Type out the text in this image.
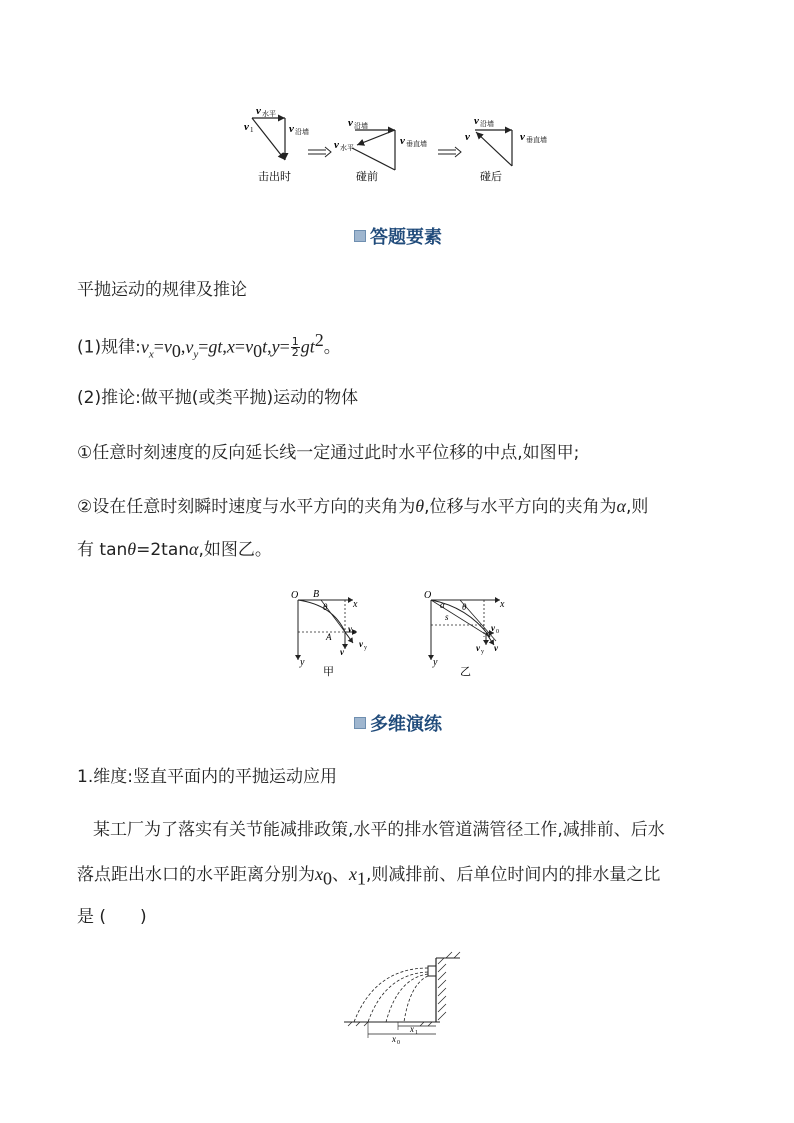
v 水平
v 1	v 沿墙
击出时
v 沿墙
v 垂直墙
v 水平
碰前
v 沿墙
v	v 垂直墙
碰后
答题要素
平抛运动的规律及推论
(1)规律$:v_x=v_0,v_y=gt,x=v_0t,y= \frac{1}{2} gt^2$。
(2)推论:做平抛(或类平抛)运动的物体
①任意时刻速度的反向延长线一定通过此时水平位移的中点,如图甲;
②设在任意时刻瞬时速度与水平方向的夹角为θ,位移与水平方向的夹角为α,则
有 tanθ=2tanα,如图乙。
O B
θ	x
A
v 0
v y
v
y
甲
O
α θ	x
s
v 0
v y v
y
乙
多维演练
1.维度:竖直平面内的平抛运动应用
某工厂为了落实有关节能减排政策,水平的排水管道满管径工作,减排前、后水
落点距出水口的水平距离分别为$x_0$、$x_1$,则减排前、后单位时间内的排水量之比
是 (　　)
x 1
x 0
